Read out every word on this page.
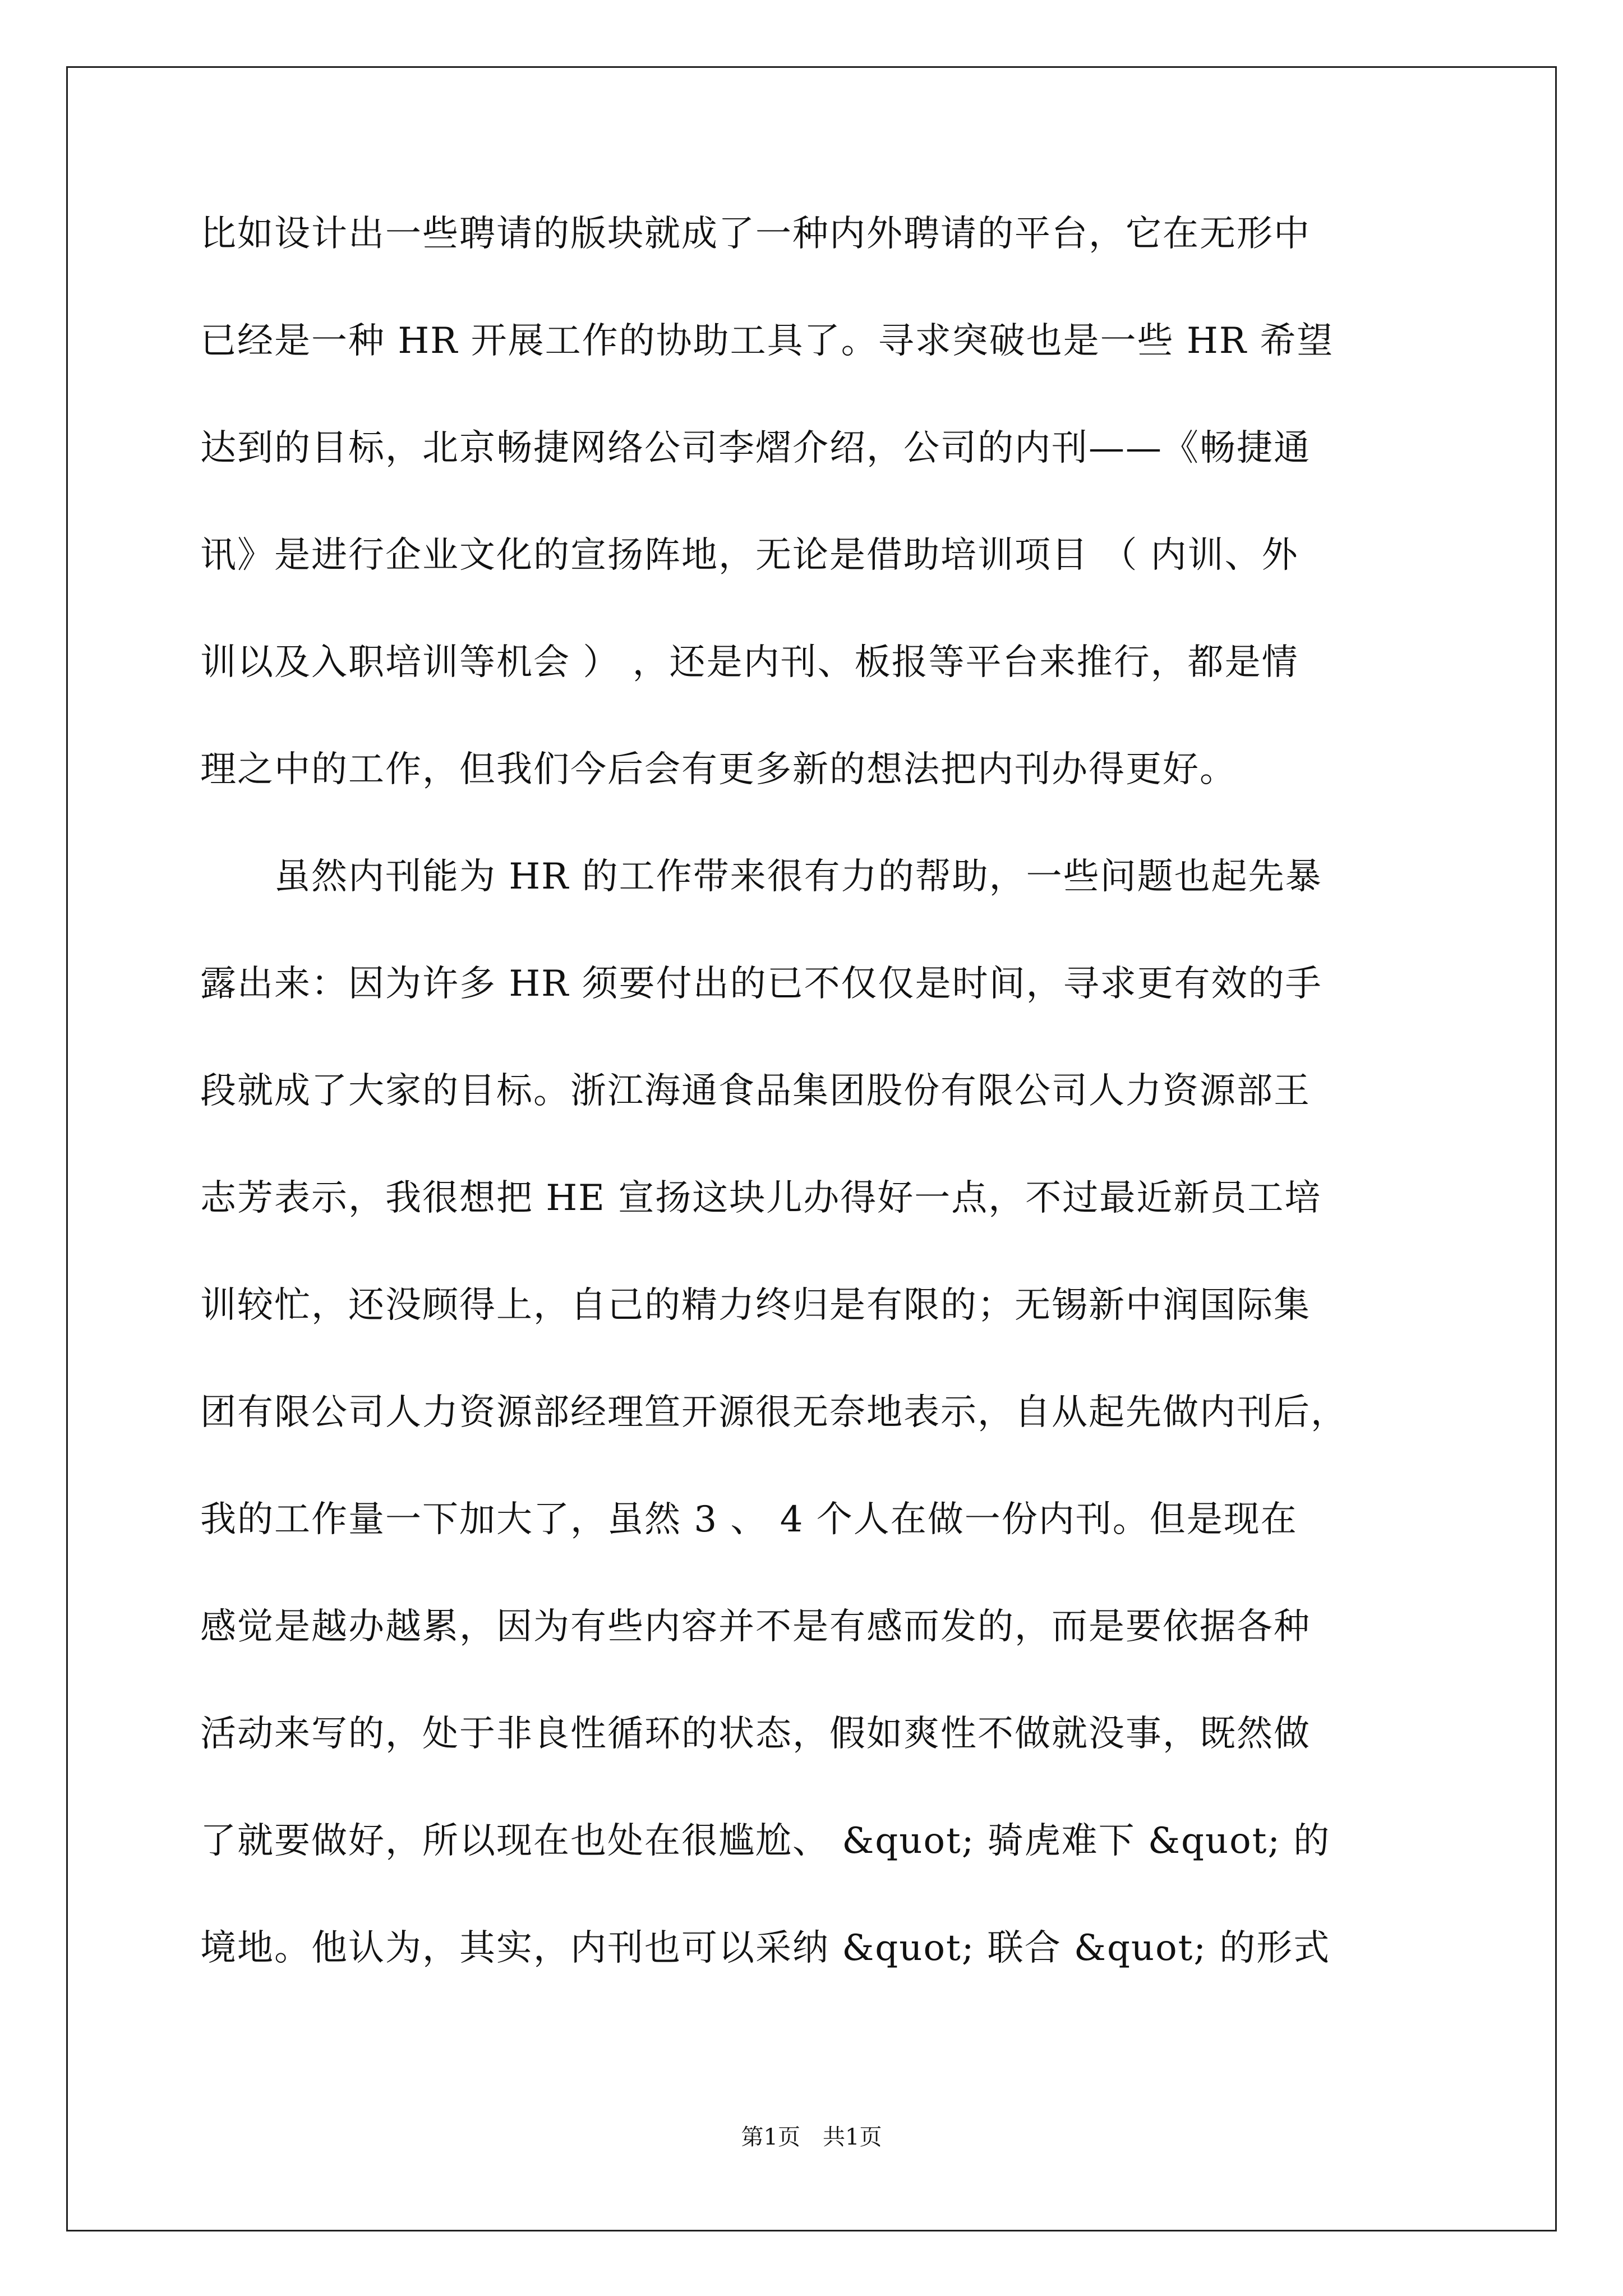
比如设计出一些聘请的版块就成了一种内外聘请的平台，它在无形中
已经是一种 HR 开展工作的协助工具了。寻求突破也是一些 HR 希望
达到的目标，北京畅捷网络公司李熠介绍，公司的内刊——《畅捷通
讯》是进行企业文化的宣扬阵地，无论是借助培训项目 （ 内训、外
训以及入职培训等机会 ） ，还是内刊、板报等平台来推行，都是情
理之中的工作，但我们今后会有更多新的想法把内刊办得更好。
　　虽然内刊能为 HR 的工作带来很有力的帮助，一些问题也起先暴
露出来：因为许多 HR 须要付出的已不仅仅是时间，寻求更有效的手
段就成了大家的目标。浙江海通食品集团股份有限公司人力资源部王
志芳表示，我很想把 HE 宣扬这块儿办得好一点，不过最近新员工培
训较忙，还没顾得上，自己的精力终归是有限的；无锡新中润国际集
团有限公司人力资源部经理笪开源很无奈地表示，自从起先做内刊后，
我的工作量一下加大了，虽然 3 、 4 个人在做一份内刊。但是现在
感觉是越办越累，因为有些内容并不是有感而发的，而是要依据各种
活动来写的，处于非良性循环的状态，假如爽性不做就没事，既然做
了就要做好，所以现在也处在很尴尬、 &quot; 骑虎难下 &quot; 的
境地。他认为，其实，内刊也可以采纳 &quot; 联合 &quot; 的形式
第1页　共1页
